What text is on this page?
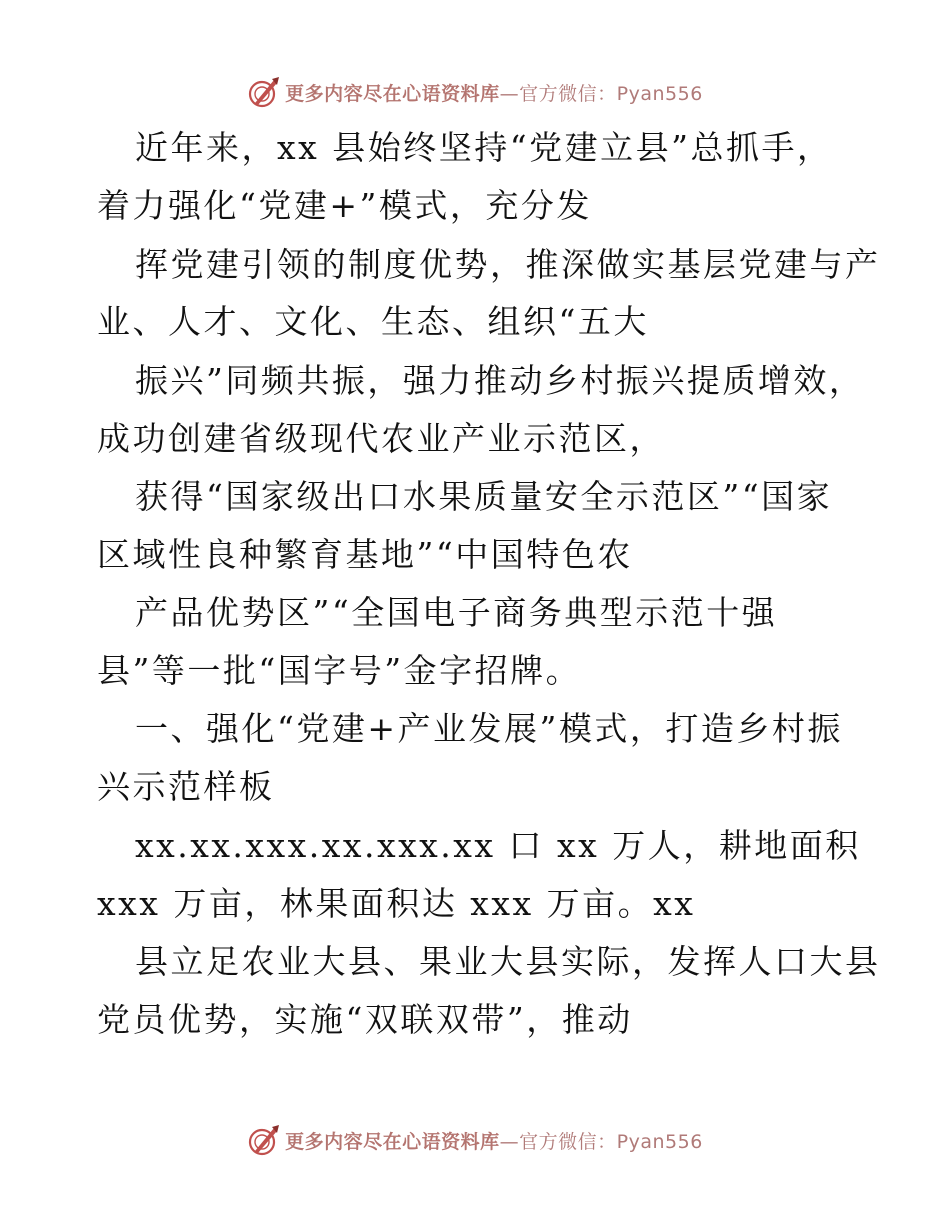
更多内容尽在心语资料库—官方微信：Pyan556
近年来，xx 县始终坚持“党建立县”总抓手，
着力强化“党建+”模式，充分发
挥党建引领的制度优势，推深做实基层党建与产
业、人才、文化、生态、组织“五大
振兴”同频共振，强力推动乡村振兴提质增效，
成功创建省级现代农业产业示范区，
获得“国家级出口水果质量安全示范区”“国家
区域性良种繁育基地”“中国特色农
产品优势区”“全国电子商务典型示范十强
县”等一批“国字号”金字招牌。
一、强化“党建+产业发展”模式，打造乡村振
兴示范样板
xx.xx.xxx.xx.xxx.xx 口 xx 万人，耕地面积
xxx 万亩，林果面积达 xxx 万亩。xx
县立足农业大县、果业大县实际，发挥人口大县
党员优势，实施“双联双带”，推动
更多内容尽在心语资料库—官方微信：Pyan556
